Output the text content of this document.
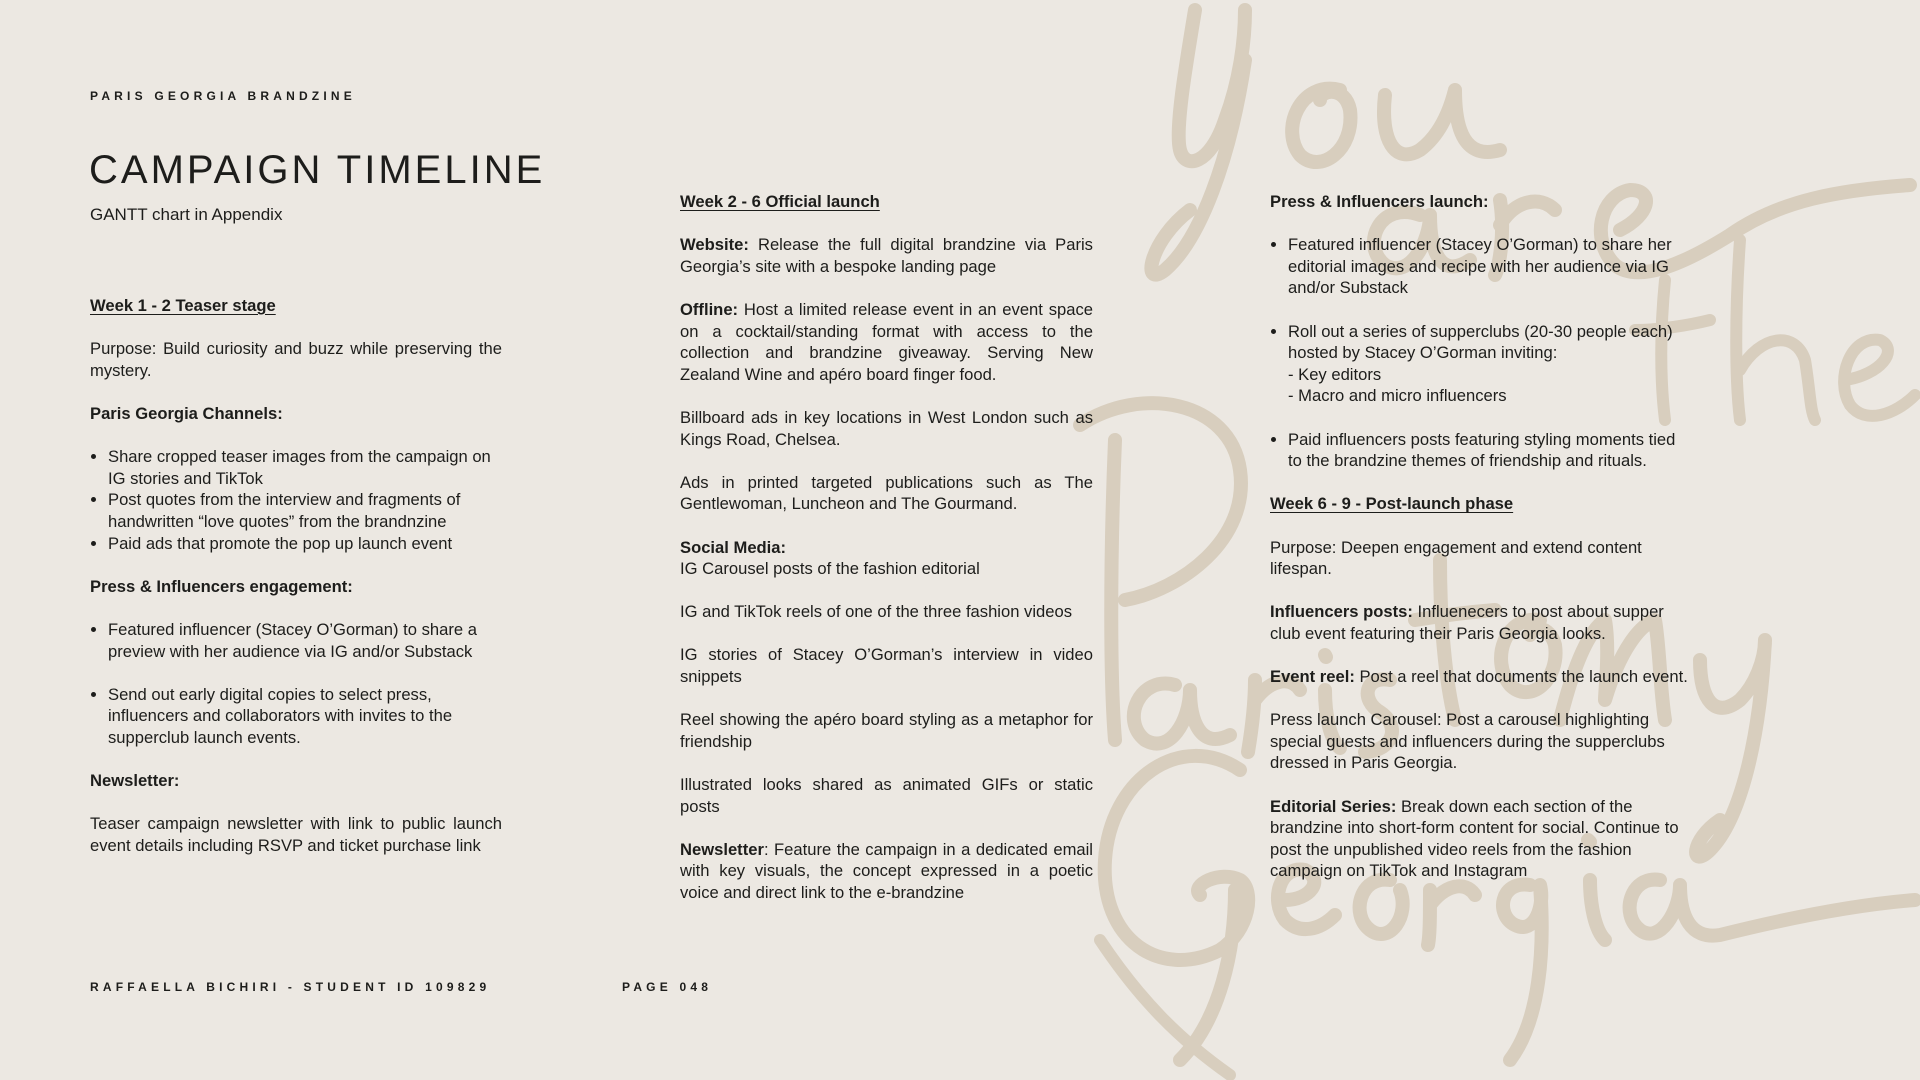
PARIS GEORGIA BRANDZINE
CAMPAIGN TIMELINE
GANTT chart in Appendix

Week 1 - 2 Teaser stage

Purpose: Build curiosity and buzz while preserving the mystery.

Paris Georgia Channels:

• Share cropped teaser images from the campaign on IG stories and TikTok
• Post quotes from the interview and fragments of handwritten “love quotes” from the brandnzine
• Paid ads that promote the pop up launch event

Press & Influencers engagement:

• Featured influencer (Stacey O’Gorman) to share a preview with her audience via IG and/or Substack
• Send out early digital copies to select press, influencers and collaborators with invites to the supperclub launch events.

Newsletter:

Teaser campaign newsletter with link to public launch event details including RSVP and ticket purchase link

Week 2 - 6 Official launch

Website: Release the full digital brandzine via Paris Georgia’s site with a bespoke landing page

Offline: Host a limited release event in an event space on a cocktail/standing format with access to the collection and brandzine giveaway. Serving New Zealand Wine and apéro board finger food.

Billboard ads in key locations in West London such as Kings Road, Chelsea.

Ads in printed targeted publications such as The Gentlewoman, Luncheon and The Gourmand.

Social Media:
IG Carousel posts of the fashion editorial

IG and TikTok reels of one of the three fashion videos

IG stories of Stacey O’Gorman’s interview in video snippets

Reel showing the apéro board styling as a metaphor for friendship

Illustrated looks shared as animated GIFs or static posts

Newsletter: Feature the campaign in a dedicated email with key visuals, the concept expressed in a poetic voice and direct link to the e-brandzine

Press & Influencers launch:

• Featured influencer (Stacey O’Gorman) to share her editorial images and recipe with her audience via IG and/or Substack
• Roll out a series of supperclubs (20-30 people each) hosted by Stacey O’Gorman inviting:
- Key editors
- Macro and micro influencers
• Paid influencers posts featuring styling moments tied to the brandzine themes of friendship and rituals.

Week 6 - 9 - Post-launch phase

Purpose: Deepen engagement and extend content lifespan.

Influencers posts: Influenecers to post about supper club event featuring their Paris Georgia looks.

Event reel: Post a reel that documents the launch event.

Press launch Carousel: Post a carousel highlighting special guests and influencers during the supperclubs dressed in Paris Georgia.

Editorial Series: Break down each section of the brandzine into short-form content for social. Continue to post the unpublished video reels from the fashion campaign on TikTok and Instagram

RAFFAELLA BICHIRI - STUDENT ID 109829	PAGE 048
